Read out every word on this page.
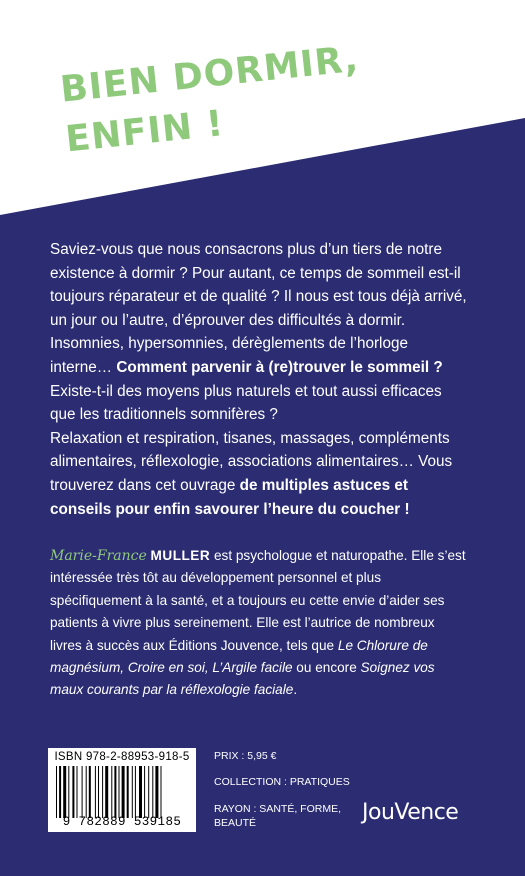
BIEN DORMIR,
ENFIN !

Saviez-vous que nous consacrons plus d’un tiers de notre existence à dormir ? Pour autant, ce temps de sommeil est-il toujours réparateur et de qualité ? Il nous est tous déjà arrivé, un jour ou l’autre, d’éprouver des difficultés à dormir. Insomnies, hypersomnies, dérèglements de l’horloge interne… Comment parvenir à (re)trouver le sommeil ?

Existe-t-il des moyens plus naturels et tout aussi efficaces que les traditionnels somnifères ?

Relaxation et respiration, tisanes, massages, compléments alimentaires, réflexologie, associations alimentaires… Vous trouverez dans cet ouvrage de multiples astuces et conseils pour enfin savourer l’heure du coucher !

Marie-France MULLER est psychologue et naturopathe. Elle s’est intéressée très tôt au développement personnel et plus spécifiquement à la santé, et a toujours eu cette envie d’aider ses patients à vivre plus sereinement. Elle est l’autrice de nombreux livres à succès aux Éditions Jouvence, tels que Le Chlorure de magnésium, Croire en soi, L’Argile facile ou encore Soignez vos maux courants par la réflexologie faciale.

ISBN 978-2-88953-918-5
9 782889 539185
PRIX : 5,95 €
COLLECTION : PRATIQUES
RAYON : SANTÉ, FORME, BEAUTÉ	JouVence
